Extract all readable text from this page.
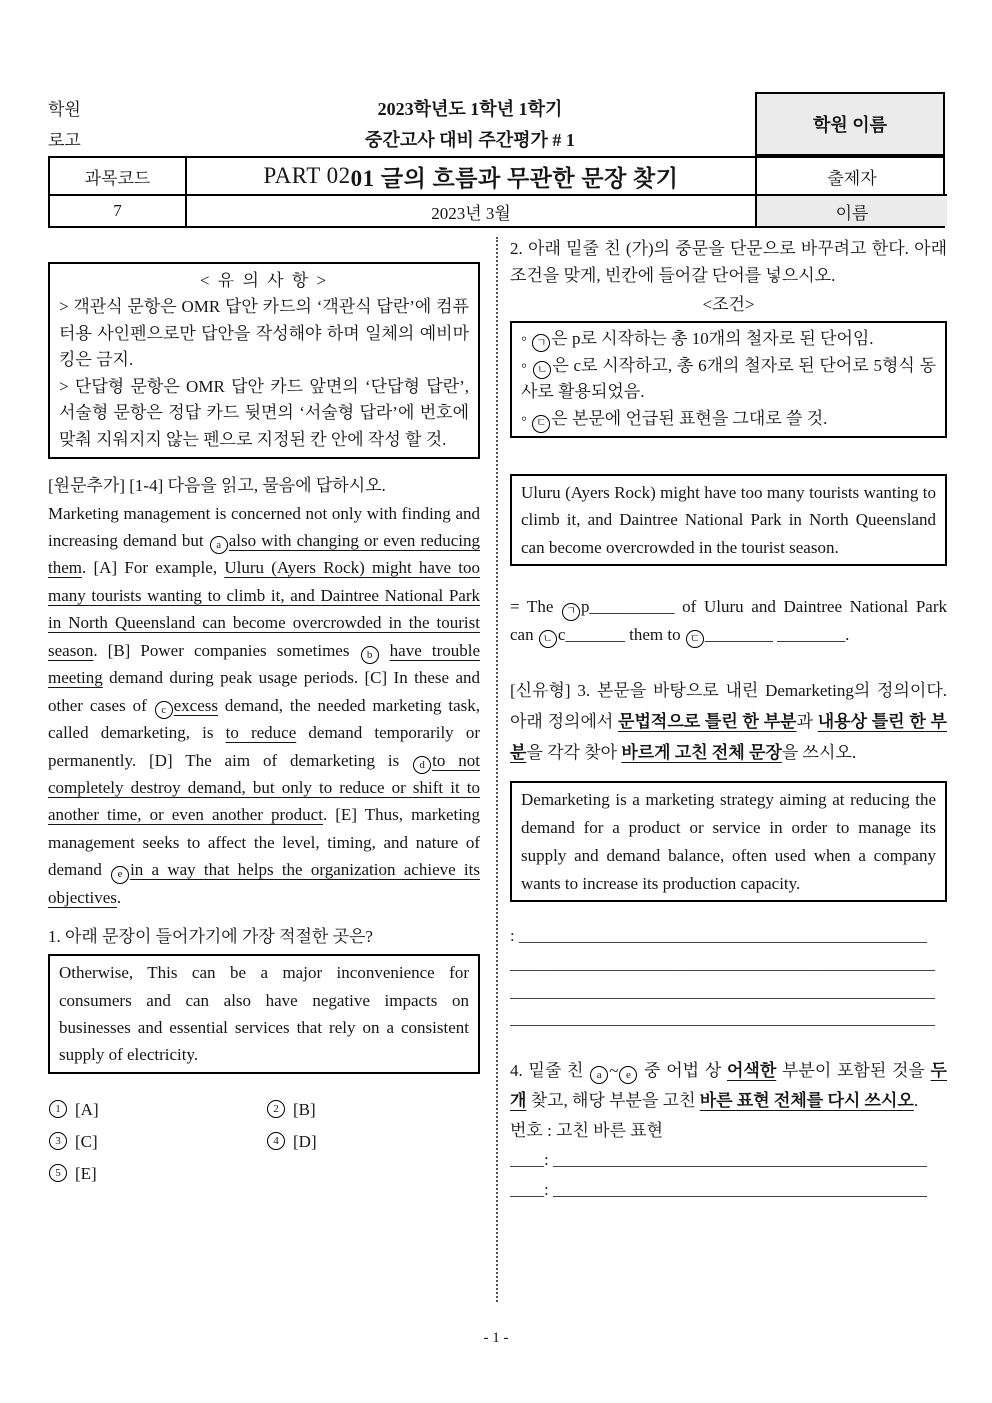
학원
로고
2023학년도 1학년 1학기
중간고사 대비 주간평가 # 1
학원 이름
과목코드	PART 02 01 글의 흐름과 무관한 문장 찾기	출제자
7	2023년 3월	이름
< 유 의 사 항 >
> 객관식 문항은 OMR 답안 카드의 ‘객관식 답란’에 컴퓨터용 사인펜으로만 답안을 작성해야 하며 일체의 예비마킹은 금지.
> 단답형 문항은 OMR 답안 카드 앞면의 ‘단답형 답란’, 서술형 문항은 정답 카드 뒷면의 ‘서술형 답라’에 번호에 맞춰 지워지지 않는 펜으로 지정된 칸 안에 작성 할 것.
[원문추가] [1-4] 다음을 읽고, 물음에 답하시오.
Marketing management is concerned not only with finding and increasing demand but a also with changing or even reducing them. [A] For example, Uluru (Ayers Rock) might have too many tourists wanting to climb it, and Daintree National Park in North Queensland can become overcrowded in the tourist season. [B] Power companies sometimes b have trouble meeting demand during peak usage periods. [C] In these and other cases of c excess demand, the needed marketing task, called demarketing, is to reduce demand temporarily or permanently. [D] The aim of demarketing is d to not completely destroy demand, but only to reduce or shift it to another time, or even another product. [E] Thus, marketing management seeks to affect the level, timing, and nature of demand e in a way that helps the organization achieve its objectives.
1. 아래 문장이 들어가기에 가장 적절한 곳은?
Otherwise, This can be a major inconvenience for consumers and can also have negative impacts on businesses and essential services that rely on a consistent supply of electricity.
1 [A]	2 [B]
3 [C]	4 [D]
5 [E]
2. 아래 밑줄 친 (가)의 중문을 단문으로 바꾸려고 한다. 아래 조건을 맞게, 빈칸에 들어갈 단어를 넣으시오.
<조건>
◦ ㄱ 은 p로 시작하는 총 10개의 철자로 된 단어임.
◦ ㄴ 은 c로 시작하고, 총 6개의 철자로 된 단어로 5형식 동사로 활용되었음.
◦ ㄷ 은 본문에 언급된 표현을 그대로 쓸 것.
Uluru (Ayers Rock) might have too many tourists wanting to climb it, and Daintree National Park in North Queensland can become overcrowded in the tourist season.
= The ㄱ p__________ of Uluru and Daintree National Park can ㄴ c_______ them to ㄷ ________ ________.
[신유형] 3. 본문을 바탕으로 내린 Demarketing의 정의이다. 아래 정의에서 문법적으로 틀린 한 부분과 내용상 틀린 한 부분을 각각 찾아 바르게 고친 전체 문장을 쓰시오.
Demarketing is a marketing strategy aiming at reducing the demand for a product or service in order to manage its supply and demand balance, often used when a company wants to increase its production capacity.
: ________________________________________________
__________________________________________________
__________________________________________________
__________________________________________________
4. 밑줄 친 a ~ e 중 어법 상 어색한 부분이 포함된 것을 두 개 찾고, 해당 부분을 고친 바른 표현 전체를 다시 쓰시오.
번호 : 고친 바른 표현
____: ____________________________________________
____: ____________________________________________
- 1 -
